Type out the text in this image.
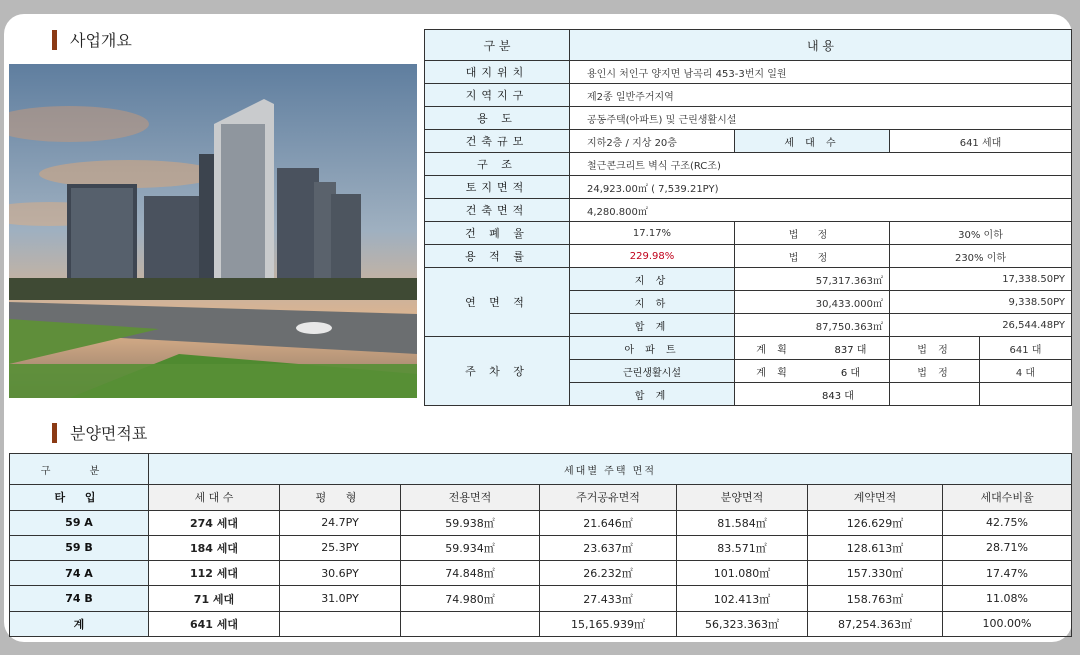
사업개요	구 분	내 용			
대지위치	용인시 처인구 양지면 남곡리 453-3번지 일원			
지역지구	제2종 일반주거지역			
용 도	공동주택(아파트) 및 근린생활시설			
건축규모	지하2층 / 지상 20층	세 대 수	641 세대	
구 조	철근콘크리트 벽식 구조(RC조)			
토지면적	24,923.00㎡ ( 7,539.21PY)			
건축면적	4,280.800㎡			
건 폐 율	17.17%	법 정	30% 이하	
용 적 률	229.98%	법 정	230% 이하	
연 면 적	지 상	57,317.363㎡	17,338.50PY	
	지 하	30,433.000㎡	9,338.50PY	
	합 계	87,750.363㎡	26,544.48PY	
주 차 장	아 파 트	계 획 837 대	법 정	641 대
	근린생활시설	계 획 6 대	법 정	4 대
	합 계	843 대		

분양면적표
구 분	세대별 주택 면적						
타 입	세 대 수	평 형	전용면적	주거공유면적	분양면적	계약면적	세대수비율
59 A	274 세대	24.7PY	59.938㎡	21.646㎡	81.584㎡	126.629㎡	42.75%
59 B	184 세대	25.3PY	59.934㎡	23.637㎡	83.571㎡	128.613㎡	28.71%
74 A	112 세대	30.6PY	74.848㎡	26.232㎡	101.080㎡	157.330㎡	17.47%
74 B	71 세대	31.0PY	74.980㎡	27.433㎡	102.413㎡	158.763㎡	11.08%
계	641 세대			15,165.939㎡	56,323.363㎡	87,254.363㎡	100.00%
